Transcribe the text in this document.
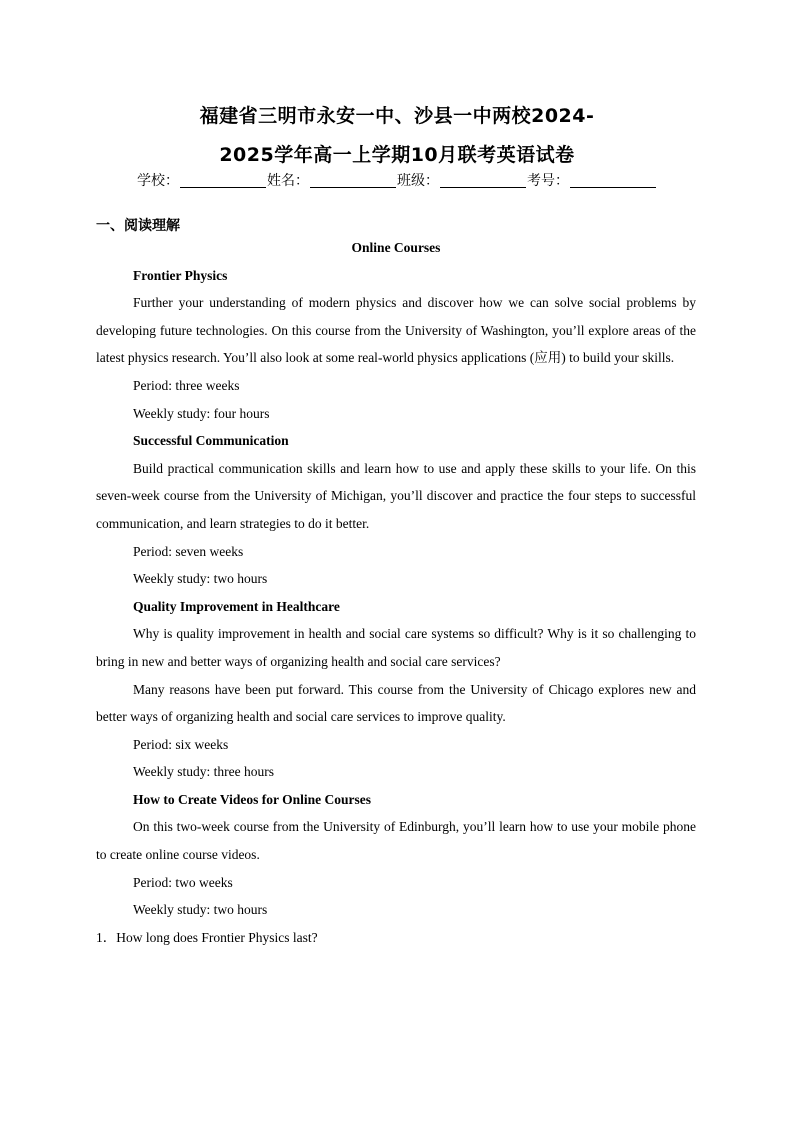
福建省三明市永安一中、沙县一中两校2024-
2025学年高一上学期10月联考英语试卷
学校：	姓名：	班级：	考号：
一、阅读理解

Online Courses

Frontier Physics

Further your understanding of modern physics and discover how we can solve social problems by developing future technologies. On this course from the University of Washington, you’ll explore areas of the latest physics research. You’ll also look at some real-world physics applications (应用) to build your skills.

Period: three weeks

Weekly study: four hours

Successful Communication

Build practical communication skills and learn how to use and apply these skills to your life. On this seven-week course from the University of Michigan, you’ll discover and practice the four steps to successful communication, and learn strategies to do it better.

Period: seven weeks

Weekly study: two hours

Quality Improvement in Healthcare

Why is quality improvement in health and social care systems so difficult? Why is it so challenging to bring in new and better ways of organizing health and social care services?

Many reasons have been put forward. This course from the University of Chicago explores new and better ways of organizing health and social care services to improve quality.

Period: six weeks

Weekly study: three hours

How to Create Videos for Online Courses

On this two-week course from the University of Edinburgh, you’ll learn how to use your mobile phone to create online course videos.

Period: two weeks

Weekly study: two hours

1．How long does Frontier Physics last?
